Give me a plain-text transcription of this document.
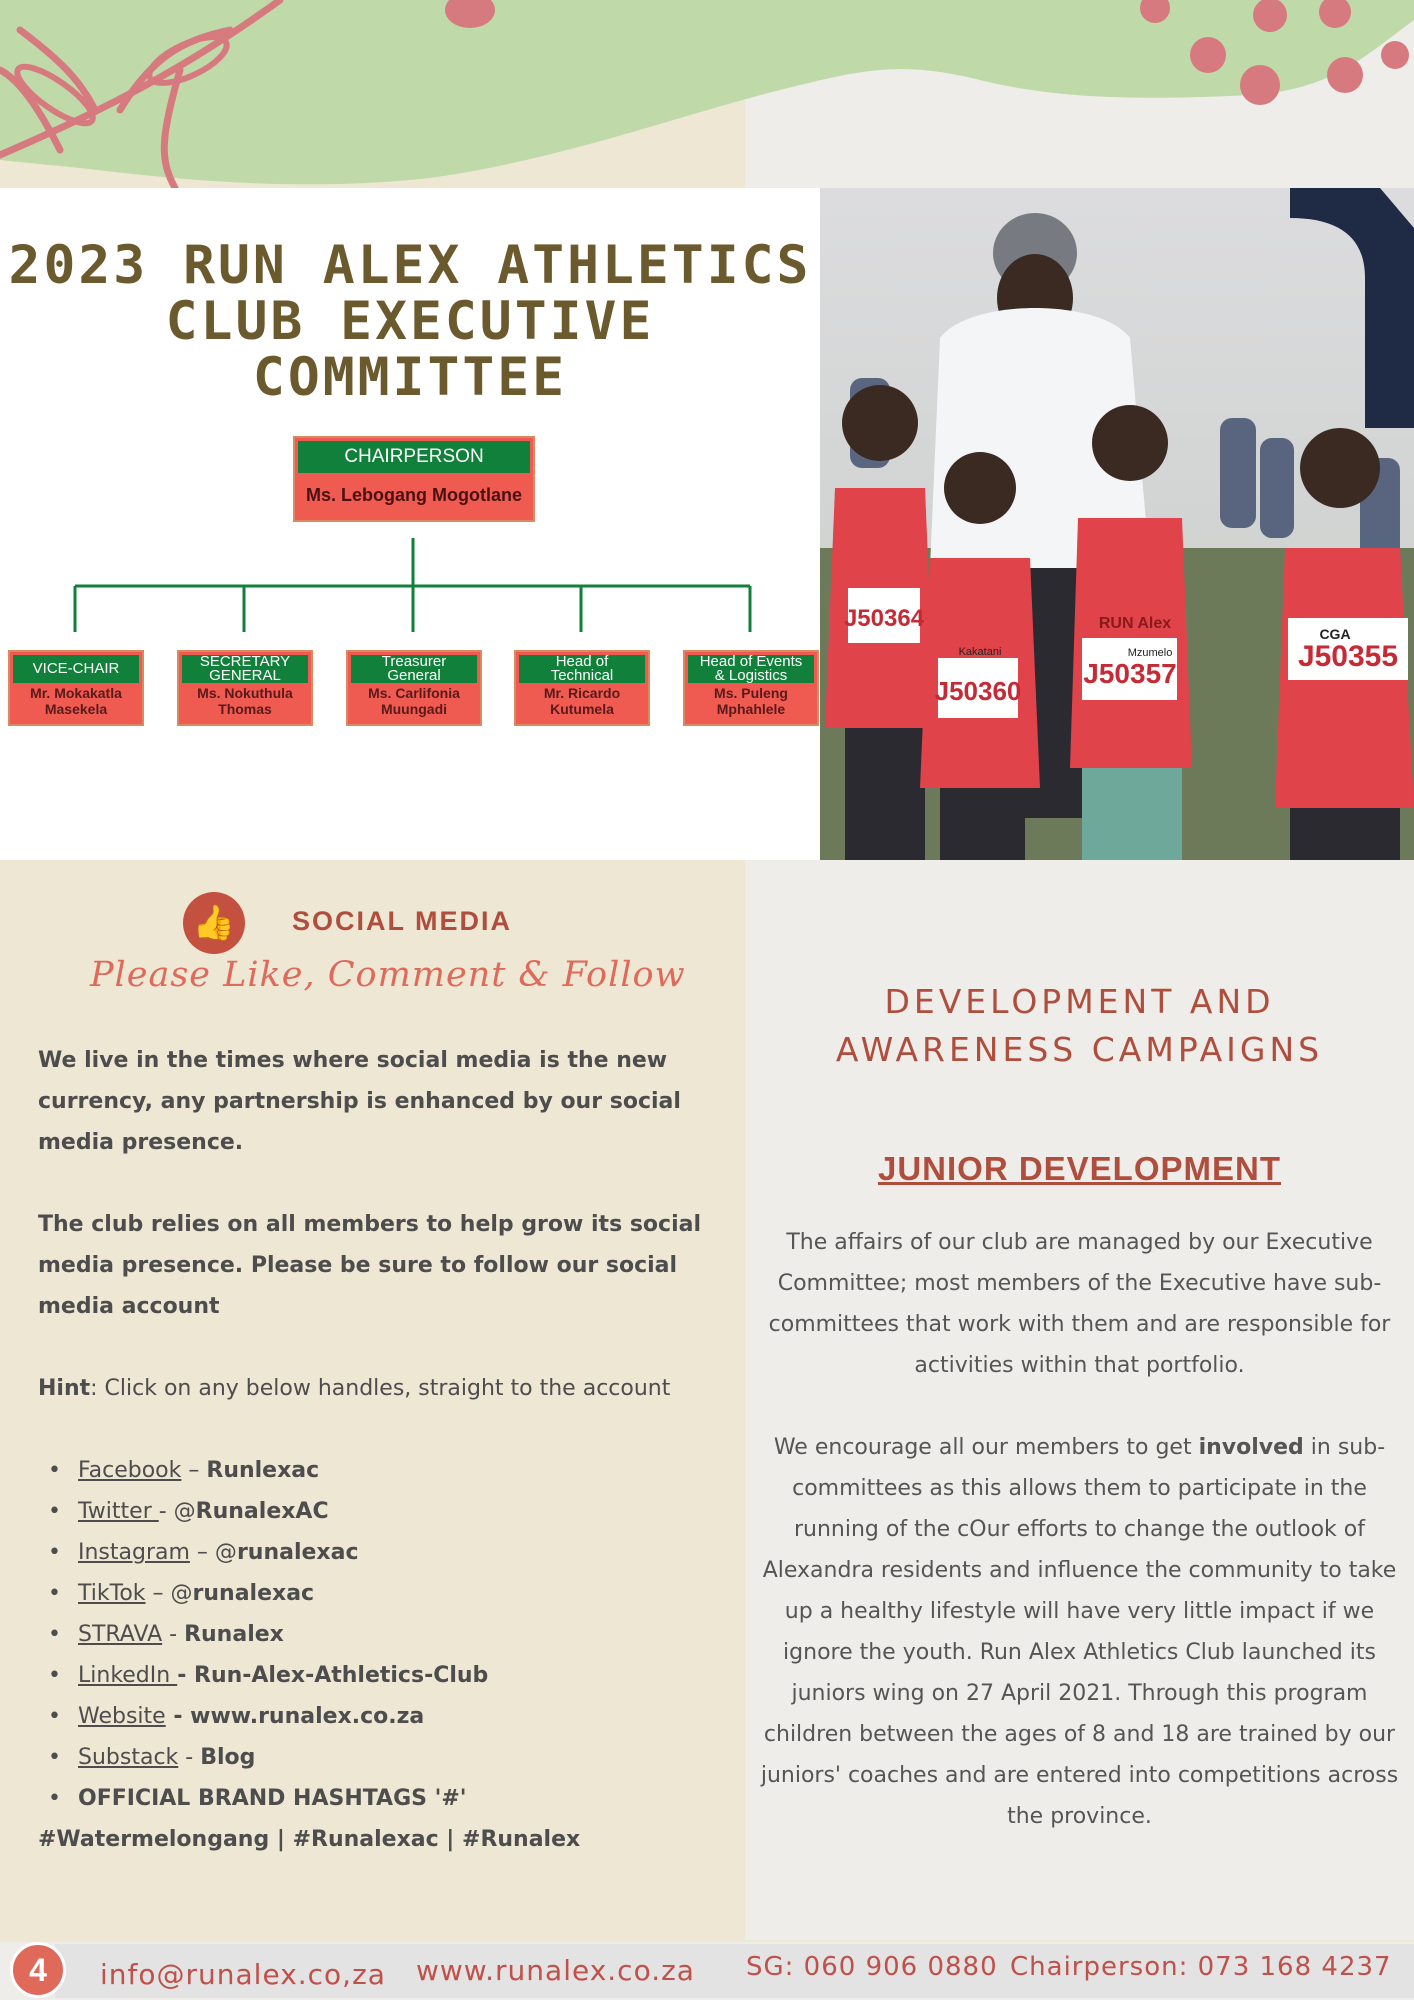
2023 RUN ALEX ATHLETICS
CLUB EXECUTIVE COMMITTEE
CHAIRPERSON
Ms. Lebogang Mogotlane
VICE-CHAIR
Mr. Mokakatla
Masekela
SECRETARY
GENERAL
Ms. Nokuthula
Thomas
Treasurer
General
Ms. Carlifonia
Muungadi
Head of
Technical
Mr. Ricardo
Kutumela
Head of Events
& Logistics
Ms. Puleng
Mphahlele
J50364
J50360
Kakatani
J50357
RUN Alex
Mzumelo	J50355
CGA
👍	SOCIAL MEDIA
Please Like, Comment & Follow

We live in the times where social media is the new currency, any partnership is enhanced by our social media presence.

The club relies on all members to help grow its social media presence. Please be sure to follow our social media account

Hint: Click on any below handles, straight to the account
• Facebook – Runlexac
• Twitter - @RunalexAC
• Instagram – @runalexac
• TikTok – @runalexac
• STRAVA - Runalex
• LinkedIn - Run-Alex-Athletics-Club
• Website - www.runalex.co.za
• Substack - Blog
• OFFICIAL BRAND HASHTAGS '#'
#Watermelongang | #Runalexac | #Runalex
DEVELOPMENT AND
AWARENESS CAMPAIGNS
JUNIOR DEVELOPMENT
The affairs of our club are managed by our Executive Committee; most members of the Executive have sub-committees that work with them and are responsible for activities within that portfolio.
We encourage all our members to get involved in sub-committees as this allows them to participate in the running of the cOur efforts to change the outlook of Alexandra residents and influence the community to take up a healthy lifestyle will have very little impact if we ignore the youth. Run Alex Athletics Club launched its juniors wing on 27 April 2021. Through this program children between the ages of 8 and 18 are trained by our juniors' coaches and are entered into competitions across the province.
4	info@runalex.co,za www.runalex.co.za SG: 060 906 0880 Chairperson: 073 168 4237
